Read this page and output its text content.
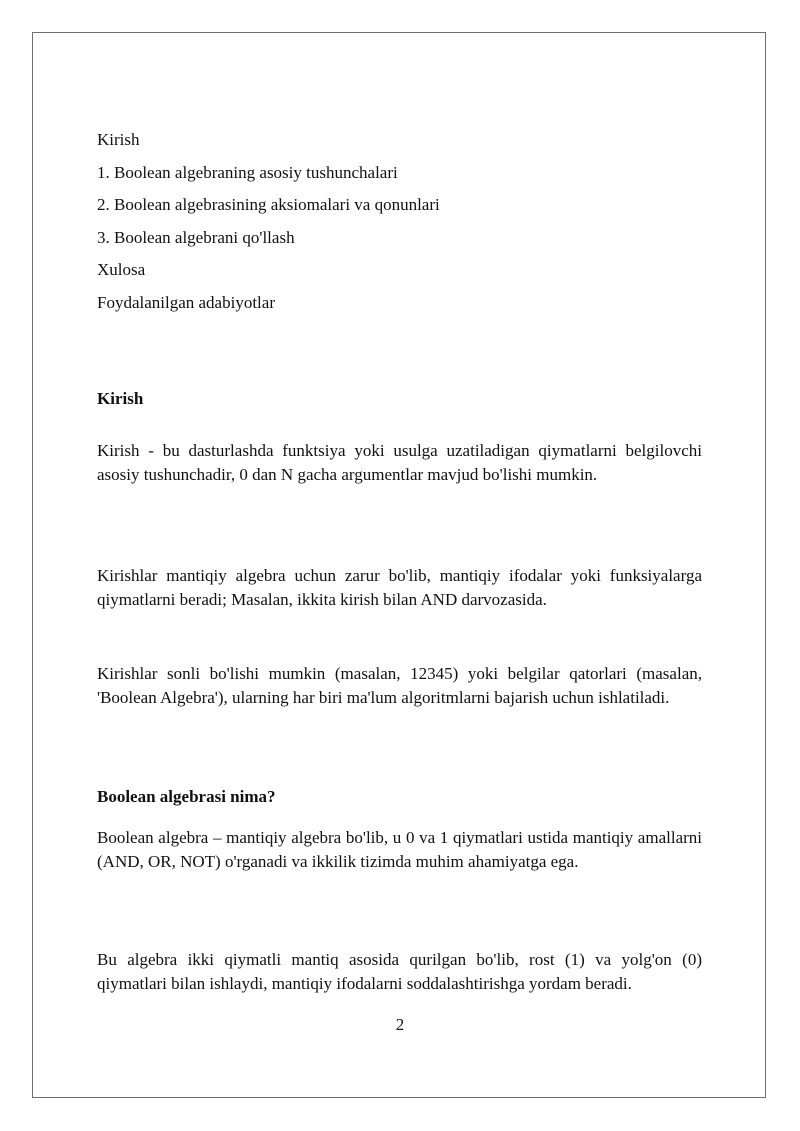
Kirish
1. Boolean algebraning asosiy tushunchalari
2. Boolean algebrasining aksiomalari va qonunlari
3. Boolean algebrani qo'llash
Xulosa
Foydalanilgan adabiyotlar
Kirish

Kirish - bu dasturlashda funktsiya yoki usulga uzatiladigan qiymatlarni belgilovchi asosiy tushunchadir, 0 dan N gacha argumentlar mavjud bo'lishi mumkin.

Kirishlar mantiqiy algebra uchun zarur bo'lib, mantiqiy ifodalar yoki funksiyalarga qiymatlarni beradi; Masalan, ikkita kirish bilan AND darvozasida.

Kirishlar sonli bo'lishi mumkin (masalan, 12345) yoki belgilar qatorlari (masalan, 'Boolean Algebra'), ularning har biri ma'lum algoritmlarni bajarish uchun ishlatiladi.

Boolean algebrasi nima?

Boolean algebra – mantiqiy algebra bo'lib, u 0 va 1 qiymatlari ustida mantiqiy amallarni (AND, OR, NOT) o'rganadi va ikkilik tizimda muhim ahamiyatga ega.

Bu algebra ikki qiymatli mantiq asosida qurilgan bo'lib, rost (1) va yolg'on (0) qiymatlari bilan ishlaydi, mantiqiy ifodalarni soddalashtirishga yordam beradi.

2
